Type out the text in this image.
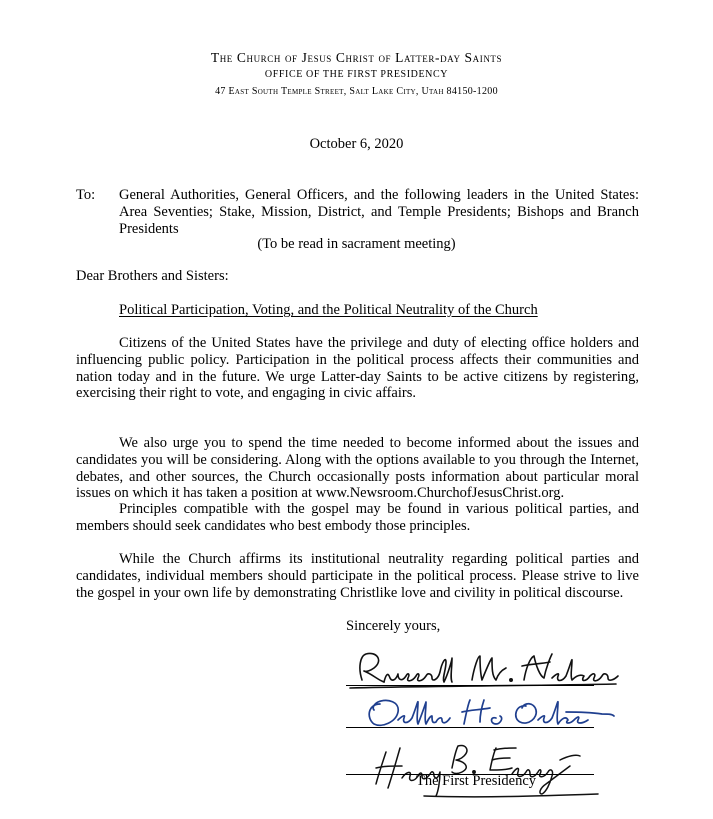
The Church of Jesus Christ of Latter-day Saints
OFFICE OF THE FIRST PRESIDENCY
47 East South Temple Street, Salt Lake City, Utah 84150-1200
October 6, 2020
To: General Authorities, General Officers, and the following leaders in the United States: Area Seventies; Stake, Mission, District, and Temple Presidents; Bishops and Branch Presidents
(To be read in sacrament meeting)
Dear Brothers and Sisters:
Political Participation, Voting, and the Political Neutrality of the Church

Citizens of the United States have the privilege and duty of electing office holders and influencing public policy. Participation in the political process affects their communities and nation today and in the future. We urge Latter-day Saints to be active citizens by registering, exercising their right to vote, and engaging in civic affairs.

We also urge you to spend the time needed to become informed about the issues and candidates you will be considering. Along with the options available to you through the Internet, debates, and other sources, the Church occasionally posts information about particular moral issues on which it has taken a position at www.Newsroom.ChurchofJesusChrist.org.

Principles compatible with the gospel may be found in various political parties, and members should seek candidates who best embody those principles.

While the Church affirms its institutional neutrality regarding political parties and candidates, individual members should participate in the political process. Please strive to live the gospel in your own life by demonstrating Christlike love and civility in political discourse.

Sincerely yours,
The First Presidency
